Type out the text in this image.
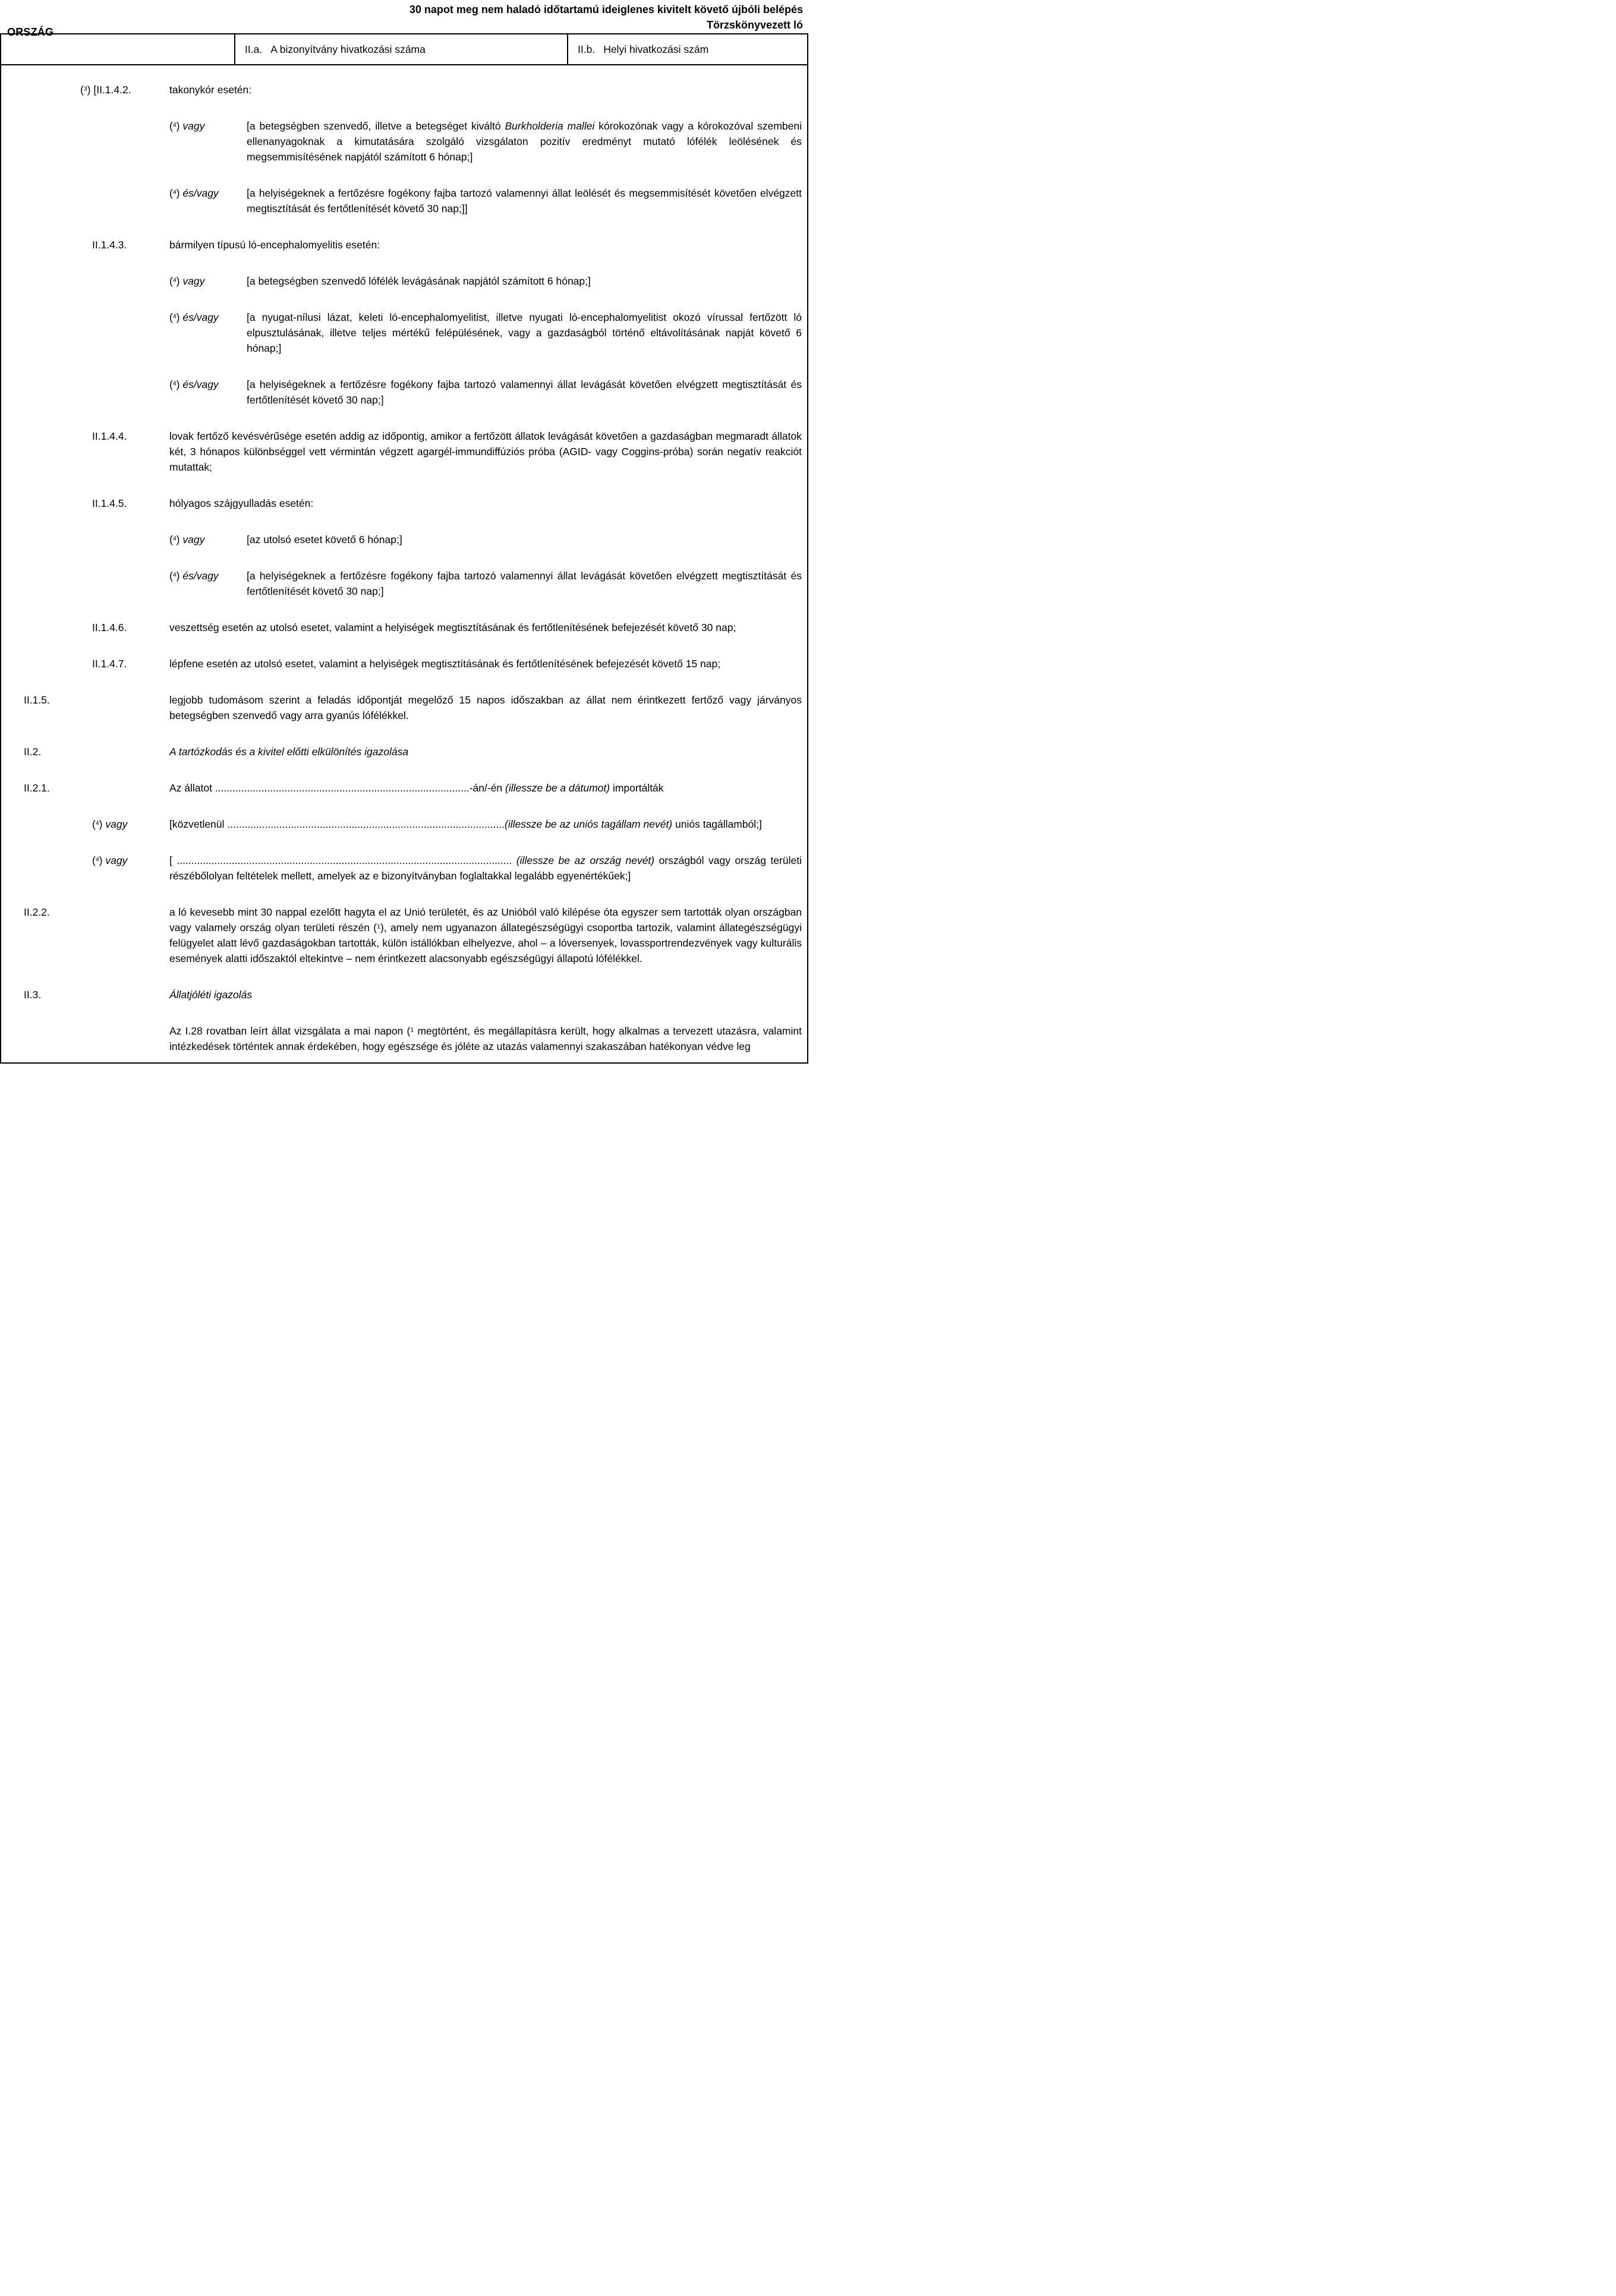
ORSZÁG
30 napot meg nem haladó időtartamú ideiglenes kivitelt követő újbóli belépés
Törzskönyvezett ló
II.a. A bizonyítvány hivatkozási száma	II.b. Helyi hivatkozási szám
($^3$) [II.1.4.2.	takonykór esetén:
($^4$) vagy	[a betegségben szenvedő, illetve a betegséget kiváltó Burkholderia mallei kórokozónak vagy a kórokozóval szembeni ellenanyagoknak a kimutatására szolgáló vizsgálaton pozitív eredményt mutató lófélék leölésének és megsemmisítésének napjától számított 6 hónap;]
($^4$) és/vagy	[a helyiségeknek a fertőzésre fogékony fajba tartozó valamennyi állat leölését és megsemmisítését követően elvégzett megtisztítását és fertőtlenítését követő 30 nap;]]
II.1.4.3.	bármilyen típusú ló-encephalomyelitis esetén:
($^4$) vagy	[a betegségben szenvedő lófélék levágásának napjától számított 6 hónap;]
($^4$) és/vagy	[a nyugat-nílusi lázat, keleti ló-encephalomyelitist, illetve nyugati ló-encephalomyelitist okozó vírussal fertőzött ló elpusztulásának, illetve teljes mértékű felépülésének, vagy a gazdaságból történő eltávolításának napját követő 6 hónap;]
($^4$) és/vagy	[a helyiségeknek a fertőzésre fogékony fajba tartozó valamennyi állat levágását követően elvégzett megtisztítását és fertőtlenítését követő 30 nap;]
II.1.4.4.	lovak fertőző kevésvérűsége esetén addig az időpontig, amikor a fertőzött állatok levágását követően a gazdaságban megmaradt állatok két, 3 hónapos különbséggel vett vérmintán végzett agargél-immundiffúziós próba (AGID- vagy Coggins-próba) során negatív reakciót mutattak;
II.1.4.5.	hólyagos szájgyulladás esetén:
($^4$) vagy	[az utolsó esetet követő 6 hónap;]
($^4$) és/vagy	[a helyiségeknek a fertőzésre fogékony fajba tartozó valamennyi állat levágását követően elvégzett megtisztítását és fertőtlenítését követő 30 nap;]
II.1.4.6.	veszettség esetén az utolsó esetet, valamint a helyiségek megtisztításának és fertőtlenítésének befejezését követő 30 nap;
II.1.4.7.	lépfene esetén az utolsó esetet, valamint a helyiségek megtisztításának és fertőtlenítésének befejezését követő 15 nap;
II.1.5.	legjobb tudomásom szerint a feladás időpontját megelőző 15 napos időszakban az állat nem érintkezett fertőző vagy járványos betegségben szenvedő vagy arra gyanús lófélékkel.
II.2.	A tartózkodás és a kivitel előtti elkülönítés igazolása
II.2.1.	Az állatot ........................................................................................-án/-én (illessze be a dátumot) importálták
($^4$) vagy	[közvetlenül ................................................................................................(illessze be az uniós tagállam nevét) uniós tagállamból;]
($^4$) vagy	[ .................................................................................................................... (illessze be az ország nevét) országból vagy ország területi részébőlolyan feltételek mellett, amelyek az e bizonyítványban foglaltakkal legalább egyenértékűek;]
II.2.2.	a ló kevesebb mint 30 nappal ezelőtt hagyta el az Unió területét, és az Unióból való kilépése óta egyszer sem tartották olyan országban vagy valamely ország olyan területi részén ($^1$), amely nem ugyanazon állategészségügyi csoportba tartozik, valamint állategészségügyi felügyelet alatt lévő gazdaságokban tartották, külön istállókban elhelyezve, ahol – a lóversenyek, lovassportrendezvények vagy kulturális események alatti időszaktól eltekintve – nem érintkezett alacsonyabb egészségügyi állapotú lófélékkel.
II.3.	Állatjóléti igazolás
Az I.28 rovatban leírt állat vizsgálata a mai napon ($^1$ megtörtént, és megállapításra került, hogy alkalmas a tervezett utazásra, valamint intézkedések történtek annak érdekében, hogy egészsége és jóléte az utazás valamennyi szakaszában hatékonyan védve leg
